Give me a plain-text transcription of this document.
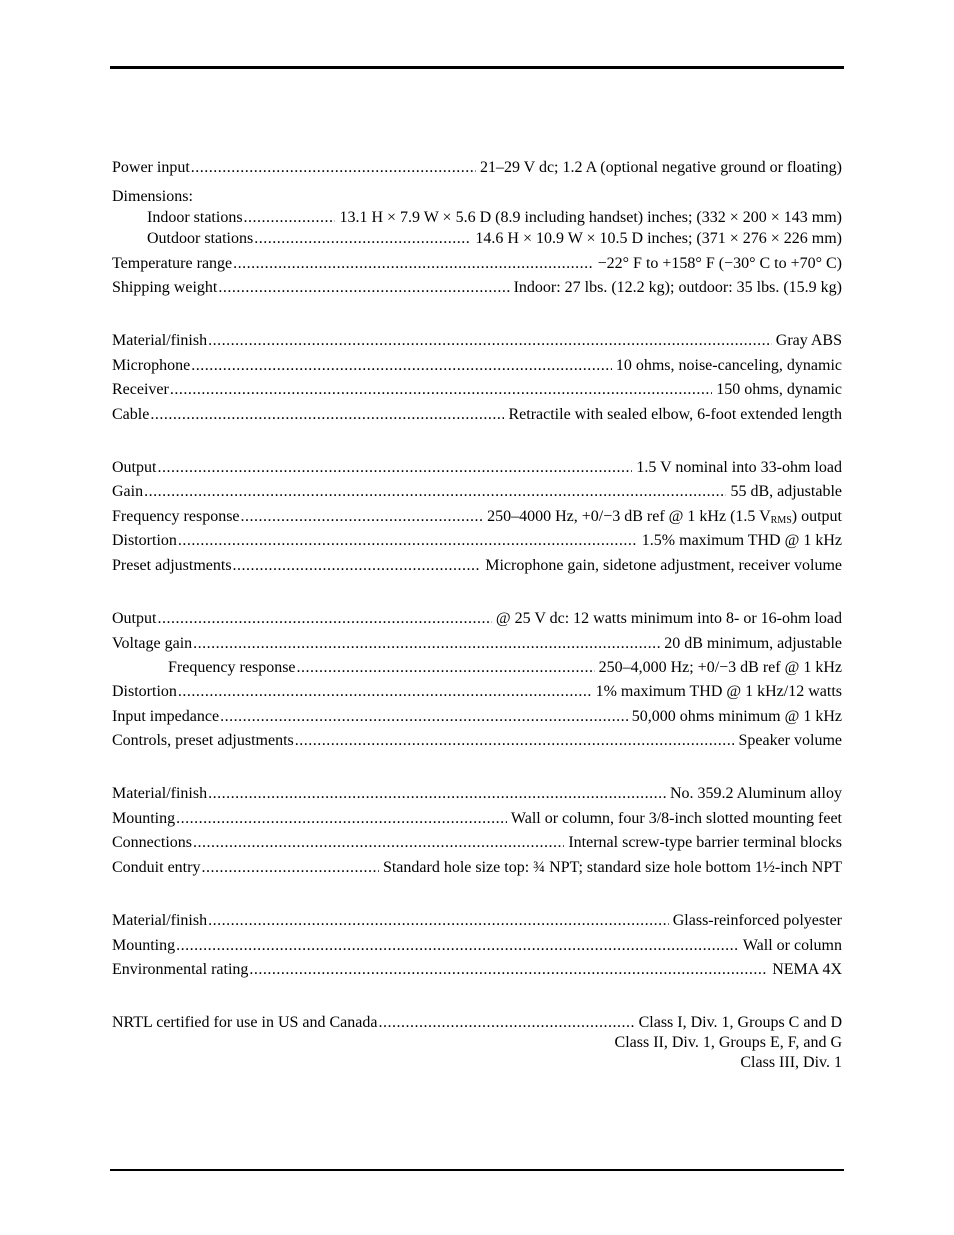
Power input .....	21–29 V dc; 1.2 A (optional negative ground or floating)
Dimensions:
Indoor stations .....	13.1 H × 7.9 W × 5.6 D (8.9 including handset) inches; (332 × 200 × 143 mm)
Outdoor stations .....	14.6 H × 10.9 W × 10.5 D inches; (371 × 276 × 226 mm)
Temperature range .....	−22° F to +158° F (−30° C to +70° C)
Shipping weight .....	Indoor: 27 lbs. (12.2 kg); outdoor: 35 lbs. (15.9 kg)
Material/finish .....	Gray ABS
Microphone .....	10 ohms, noise-canceling, dynamic
Receiver .....	150 ohms, dynamic
Cable .....	Retractile with sealed elbow, 6-foot extended length
Output .....	1.5 V nominal into 33-ohm load
Gain .....	55 dB, adjustable
Frequency response .....	250–4000 Hz, +0/−3 dB ref @ 1 kHz (1.5 $V_{RMS}$) output
Distortion .....	1.5% maximum THD @ 1 kHz
Preset adjustments .....	Microphone gain, sidetone adjustment, receiver volume
Output .....	@ 25 V dc: 12 watts minimum into 8- or 16-ohm load
Voltage gain .....	20 dB minimum, adjustable
Frequency response .....	250–4,000 Hz; +0/−3 dB ref @ 1 kHz
Distortion .....	1% maximum THD @ 1 kHz/12 watts
Input impedance .....	50,000 ohms minimum @ 1 kHz
Controls, preset adjustments .....	Speaker volume
Material/finish .....	No. 359.2 Aluminum alloy
Mounting .....	Wall or column, four 3/8-inch slotted mounting feet
Connections .....	Internal screw-type barrier terminal blocks
Conduit entry .....	Standard hole size top: ¾ NPT; standard size hole bottom 1½-inch NPT
Material/finish .....	Glass-reinforced polyester
Mounting .....	Wall or column
Environmental rating .....	NEMA 4X
NRTL certified for use in US and Canada .....	Class I, Div. 1, Groups C and D
Class II, Div. 1, Groups E, F, and G
Class III, Div. 1
